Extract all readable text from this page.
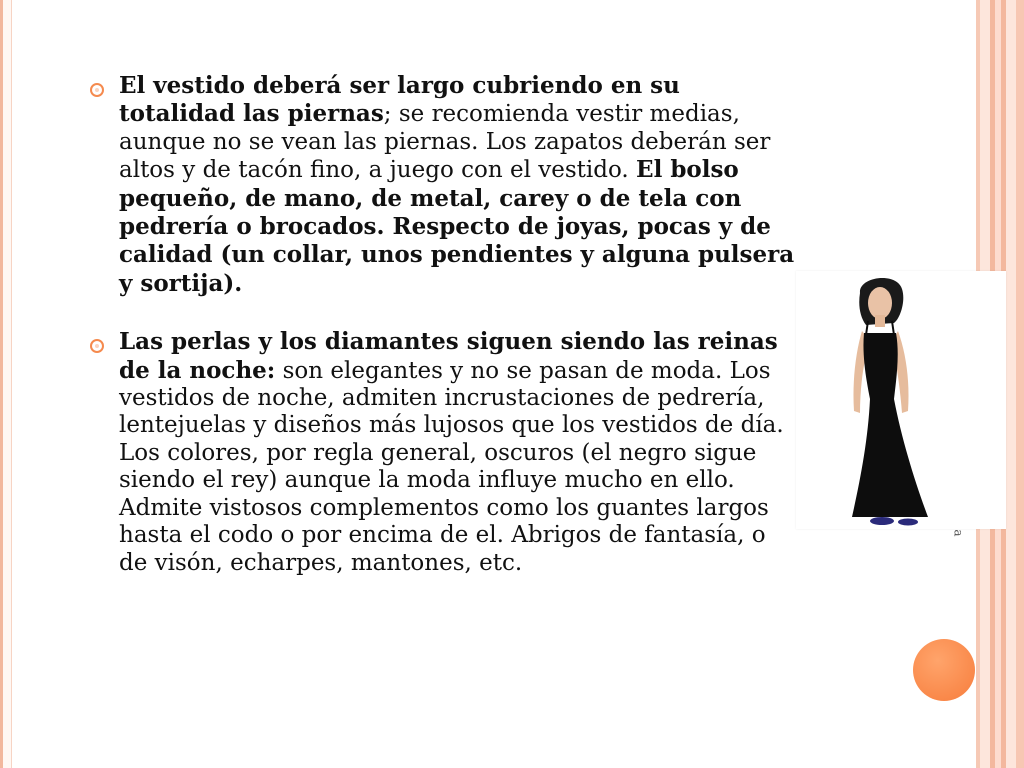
El vestido deberá ser largo cubriendo en su totalidad las piernas; se recomienda vestir medias, aunque no se vean las piernas. Los zapatos deberán ser altos y de tacón fino, a juego con el vestido. El bolso pequeño, de mano, de metal, carey o de tela con pedrería o brocados. Respecto de joyas, pocas y de calidad (un collar, unos pendientes y alguna pulsera y sortija).

Las perlas y los diamantes siguen siendo las reinas de la noche: son elegantes y no se pasan de moda. Los vestidos de noche, admiten incrustaciones de pedrería, lentejuelas y diseños más lujosos que los vestidos de día. Los colores, por regla general, oscuros (el negro sigue siendo el rey) aunque la moda influye mucho en ello. Admite vistosos complementos como los guantes largos hasta el codo o por encima de el. Abrigos de fantasía, o de visón, echarpes, mantones, etc.

a
